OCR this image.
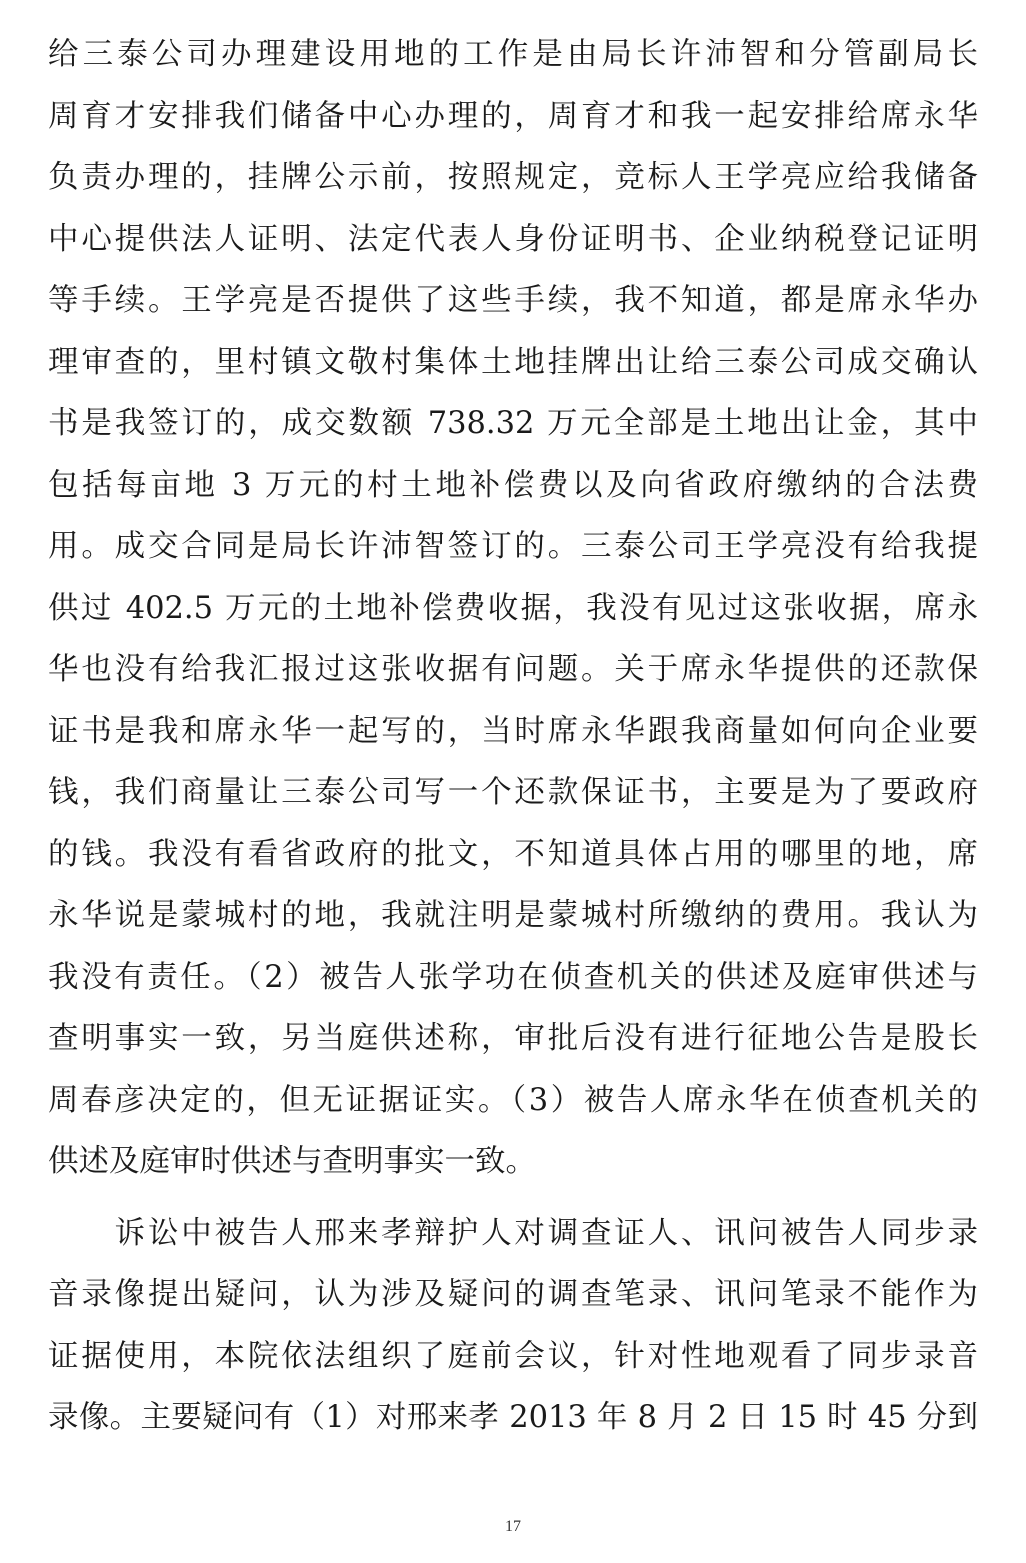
给三泰公司办理建设用地的工作是由局长许沛智和分管副局长
周育才安排我们储备中心办理的，周育才和我一起安排给席永华
负责办理的，挂牌公示前，按照规定，竞标人王学亮应给我储备
中心提供法人证明、法定代表人身份证明书、企业纳税登记证明
等手续。王学亮是否提供了这些手续，我不知道，都是席永华办
理审查的，里村镇文敬村集体土地挂牌出让给三泰公司成交确认
书是我签订的，成交数额 738.32 万元全部是土地出让金，其中
包括每亩地 3 万元的村土地补偿费以及向省政府缴纳的合法费
用。成交合同是局长许沛智签订的。三泰公司王学亮没有给我提
供过 402.5 万元的土地补偿费收据，我没有见过这张收据，席永
华也没有给我汇报过这张收据有问题。关于席永华提供的还款保
证书是我和席永华一起写的，当时席永华跟我商量如何向企业要
钱，我们商量让三泰公司写一个还款保证书，主要是为了要政府
的钱。我没有看省政府的批文，不知道具体占用的哪里的地，席
永华说是蒙城村的地，我就注明是蒙城村所缴纳的费用。我认为
我没有责任。（2）被告人张学功在侦查机关的供述及庭审供述与
查明事实一致，另当庭供述称，审批后没有进行征地公告是股长
周春彦决定的，但无证据证实。（3）被告人席永华在侦查机关的
供述及庭审时供述与查明事实一致。
　　诉讼中被告人邢来孝辩护人对调查证人、讯问被告人同步录
音录像提出疑问，认为涉及疑问的调查笔录、讯问笔录不能作为
证据使用，本院依法组织了庭前会议，针对性地观看了同步录音
录像。主要疑问有（1）对邢来孝 2013 年 8 月 2 日 15 时 45 分到
17
